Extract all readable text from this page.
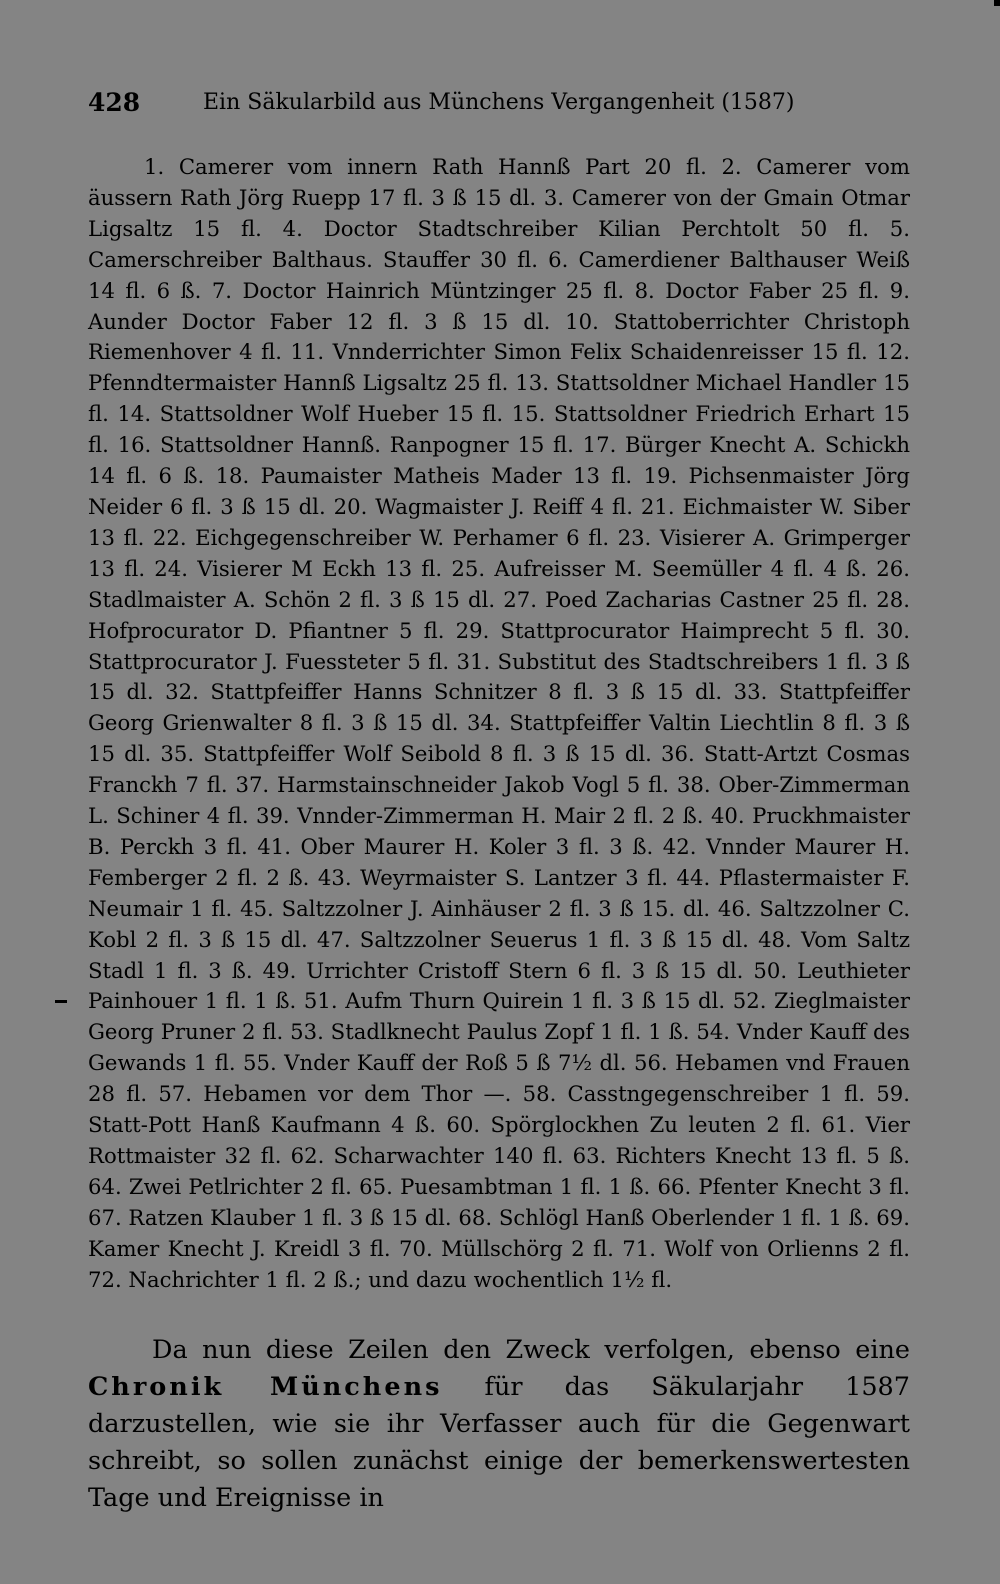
428	Ein Säkularbild aus Münchens Vergangenheit (1587)

1. Camerer vom innern Rath Hannß Part 20 fl. 2. Camerer vom äussern Rath Jörg Ruepp 17 fl. 3 ß 15 dl. 3. Camerer von der Gmain Otmar Ligsaltz 15 fl. 4. Doctor Stadtschreiber Kilian Perchtolt 50 fl. 5. Camerschreiber Balthaus. Stauffer 30 fl. 6. Camerdiener Balthauser Weiß 14 fl. 6 ß. 7. Doctor Hainrich Müntzinger 25 fl. 8. Doctor Faber 25 fl. 9. Aunder Doctor Faber 12 fl. 3 ß 15 dl. 10. Stattoberrichter Christoph Riemenhover 4 fl. 11. Vnnderrichter Simon Felix Schaidenreisser 15 fl. 12. Pfenndtermaister Hannß Ligsaltz 25 fl. 13. Stattsoldner Michael Handler 15 fl. 14. Stattsoldner Wolf Hueber 15 fl. 15. Stattsoldner Friedrich Erhart 15 fl. 16. Stattsoldner Hannß. Ranpogner 15 fl. 17. Bürger Knecht A. Schickh 14 fl. 6 ß. 18. Paumaister Matheis Mader 13 fl. 19. Pichsenmaister Jörg Neider 6 fl. 3 ß 15 dl. 20. Wagmaister J. Reiff 4 fl. 21. Eichmaister W. Siber 13 fl. 22. Eichgegenschreiber W. Perhamer 6 fl. 23. Visierer A. Grimperger 13 fl. 24. Visierer M Eckh 13 fl. 25. Aufreisser M. Seemüller 4 fl. 4 ß. 26. Stadlmaister A. Schön 2 fl. 3 ß 15 dl. 27. Poed Zacharias Castner 25 fl. 28. Hofprocurator D. Pfiantner 5 fl. 29. Stattprocurator Haimprecht 5 fl. 30. Stattprocurator J. Fuessteter 5 fl. 31. Substitut des Stadtschreibers 1 fl. 3 ß 15 dl. 32. Stattpfeiffer Hanns Schnitzer 8 fl. 3 ß 15 dl. 33. Stattpfeiffer Georg Grienwalter 8 fl. 3 ß 15 dl. 34. Stattpfeiffer Valtin Liechtlin 8 fl. 3 ß 15 dl. 35. Stattpfeiffer Wolf Seibold 8 fl. 3 ß 15 dl. 36. Statt-Artzt Cosmas Franckh 7 fl. 37. Harmstainschneider Jakob Vogl 5 fl. 38. Ober-Zimmerman L. Schiner 4 fl. 39. Vnnder-Zimmerman H. Mair 2 fl. 2 ß. 40. Pruckhmaister B. Perckh 3 fl. 41. Ober Maurer H. Koler 3 fl. 3 ß. 42. Vnnder Maurer H. Femberger 2 fl. 2 ß. 43. Weyrmaister S. Lantzer 3 fl. 44. Pflastermaister F. Neumair 1 fl. 45. Saltzzolner J. Ainhäuser 2 fl. 3 ß 15. dl. 46. Saltzzolner C. Kobl 2 fl. 3 ß 15 dl. 47. Saltzzolner Seuerus 1 fl. 3 ß 15 dl. 48. Vom Saltz Stadl 1 fl. 3 ß. 49. Urrichter Cristoff Stern 6 fl. 3 ß 15 dl. 50. Leuthieter Painhouer 1 fl. 1 ß. 51. Aufm Thurn Quirein 1 fl. 3 ß 15 dl. 52. Zieglmaister Georg Pruner 2 fl. 53. Stadlknecht Paulus Zopf 1 fl. 1 ß. 54. Vnder Kauff des Gewands 1 fl. 55. Vnder Kauff der Roß 5 ß 7½ dl. 56. Hebamen vnd Frauen 28 fl. 57. Hebamen vor dem Thor —. 58. Casstngegenschreiber 1 fl. 59. Statt-Pott Hanß Kaufmann 4 ß. 60. Spörglockhen Zu leuten 2 fl. 61. Vier Rottmaister 32 fl. 62. Scharwachter 140 fl. 63. Richters Knecht 13 fl. 5 ß. 64. Zwei Petlrichter 2 fl. 65. Puesambtman 1 fl. 1 ß. 66. Pfenter Knecht 3 fl. 67. Ratzen Klauber 1 fl. 3 ß 15 dl. 68. Schlögl Hanß Oberlender 1 fl. 1 ß. 69. Kamer Knecht J. Kreidl 3 fl. 70. Müllschörg 2 fl. 71. Wolf von Orlienns 2 fl. 72. Nachrichter 1 fl. 2 ß.; und dazu wochentlich 1½ fl.

Da nun diese Zeilen den Zweck verfolgen, ebenso eine Chronik Münchens für das Säkularjahr 1587 darzustellen, wie sie ihr Verfasser auch für die Gegenwart schreibt, so sollen zunächst einige der bemerkenswertesten Tage und Ereignisse in
